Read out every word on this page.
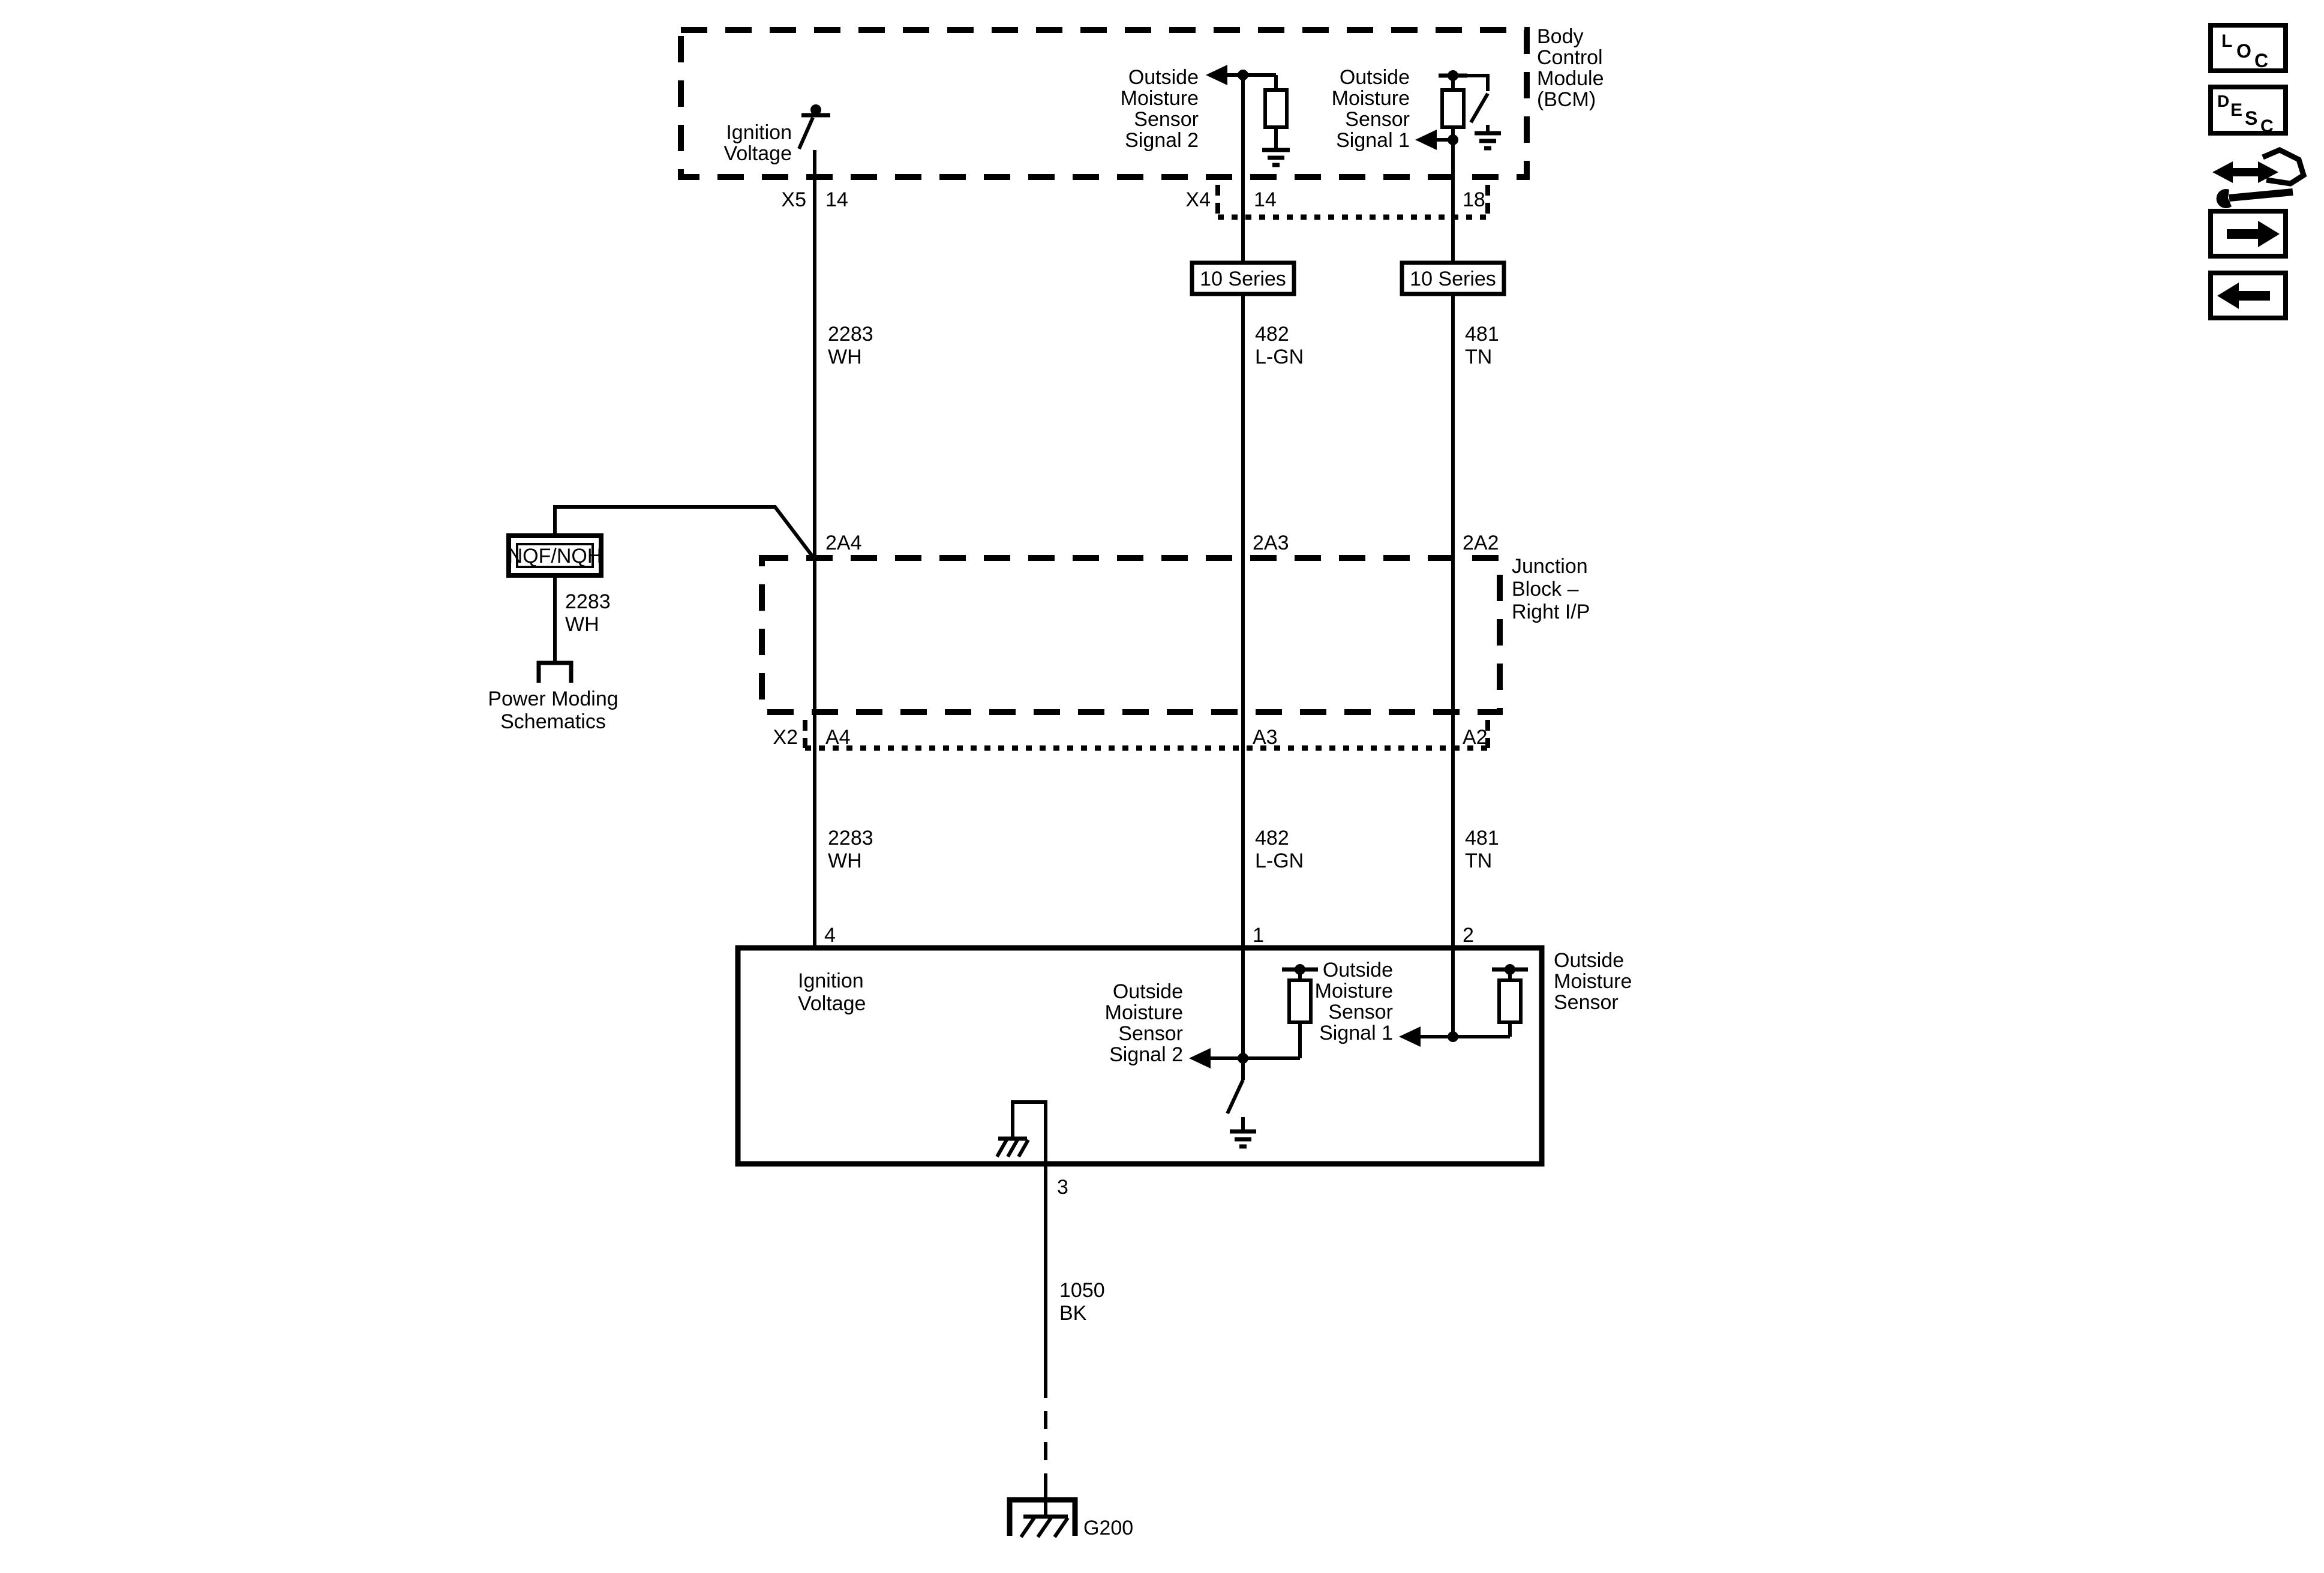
Body
Control
Module
(BCM)
Ignition
Voltage
Outside
Moisture
Sensor
Signal 2
Outside
Moisture
Sensor
Signal 1
X5 14	X4 14	18
10 Series	10 Series
2283
WH
482
L-GN
481
TN
NQF/NQH
2283
WH
Power Moding
Schematics
Junction
Block –
Right I/P
2A4	2A3	2A2
X2 A4	A3	A2
2283
WH
482
L-GN
481
TN
4	1	2
Outside
Moisture
Sensor
Ignition
Voltage
Outside
Moisture
Sensor
Signal 2
Outside
Moisture
Sensor
Signal 1
3
1050
BK
G200
L O C
D E S C
